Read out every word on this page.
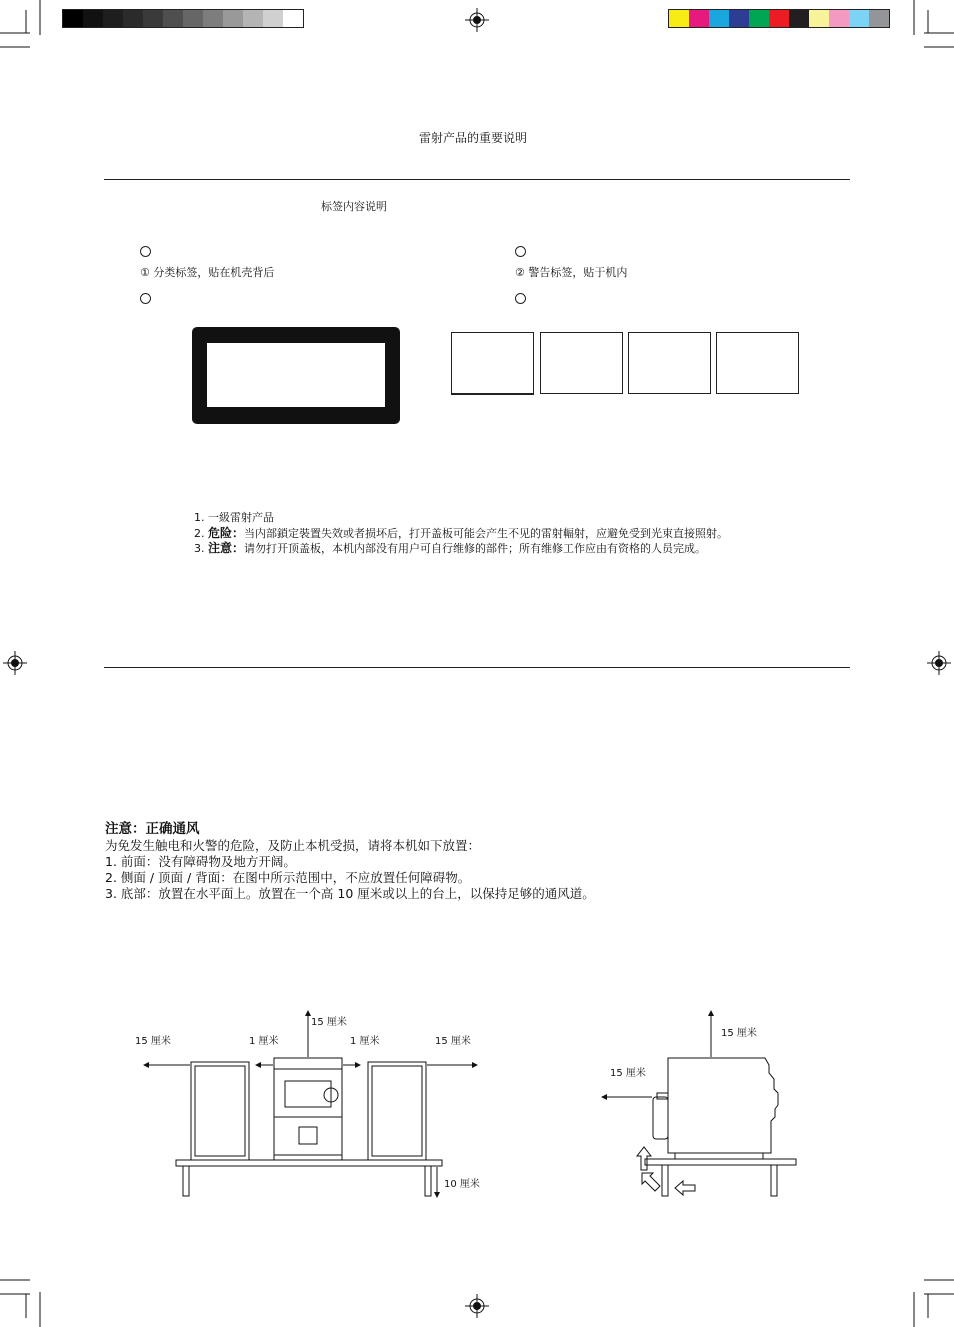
雷射产品的重要说明
标签内容说明
① 分类标签，贴在机壳背后	② 警告标签，贴于机内
1. 一級雷射产品
2. 危险：当内部鎖定裝置失效或者损坏后，打开盖板可能会产生不见的雷射輻射，应避免受到光束直接照射。
3. 注意：请勿打开顶盖板，本机内部没有用户可自行维修的部件；所有维修工作应由有资格的人员完成。
注意：正确通风
为免发生触电和火警的危险，及防止本机受损，请将本机如下放置：
1. 前面：没有障碍物及地方开阔。
2. 侧面 / 顶面 / 背面：在图中所示范围中，不应放置任何障碍物。
3. 底部：放置在水平面上。放置在一个高 10 厘米或以上的台上，以保持足够的通风道。
15 厘米
15 厘米	1 厘米	1 厘米	15 厘米
10 厘米
15 厘米
15 厘米
